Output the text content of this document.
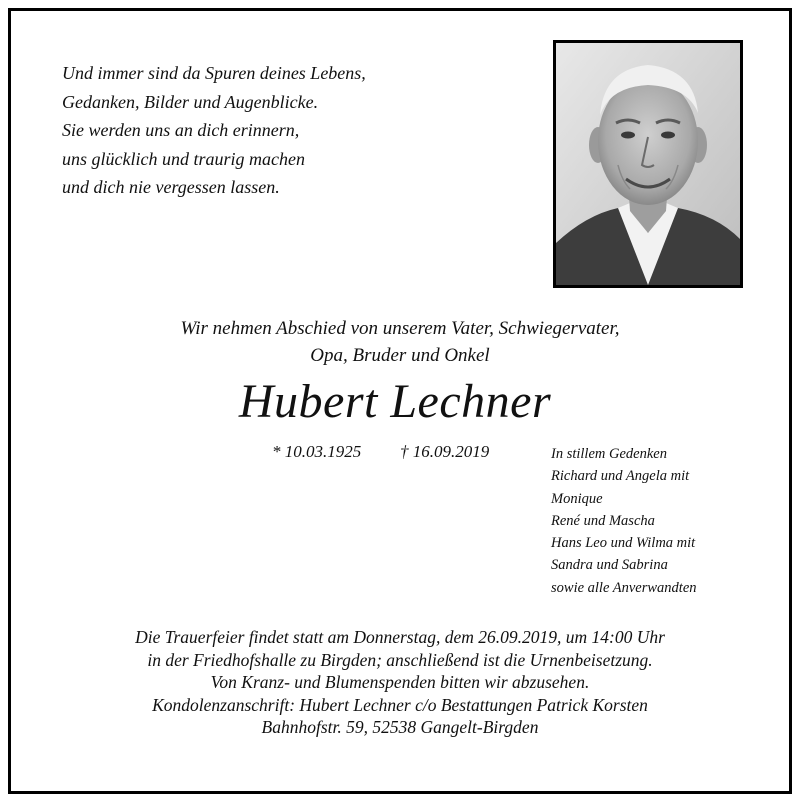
Und immer sind da Spuren deines Lebens,
Gedanken, Bilder und Augenblicke.
Sie werden uns an dich erinnern,
uns glücklich und traurig machen
und dich nie vergessen lassen.
Wir nehmen Abschied von unserem Vater, Schwiegervater,
Opa, Bruder und Onkel
Hubert Lechner
* 10.03.1925 † 16.09.2019	In stillem Gedenken
Richard und Angela mit
Monique
René und Mascha
Hans Leo und Wilma mit
Sandra und Sabrina
sowie alle Anverwandten
Die Trauerfeier findet statt am Donnerstag, dem 26.09.2019, um 14:00 Uhr
in der Friedhofshalle zu Birgden; anschließend ist die Urnenbeisetzung.
Von Kranz- und Blumenspenden bitten wir abzusehen.
Kondolenzanschrift: Hubert Lechner c/o Bestattungen Patrick Korsten
Bahnhofstr. 59, 52538 Gangelt-Birgden
